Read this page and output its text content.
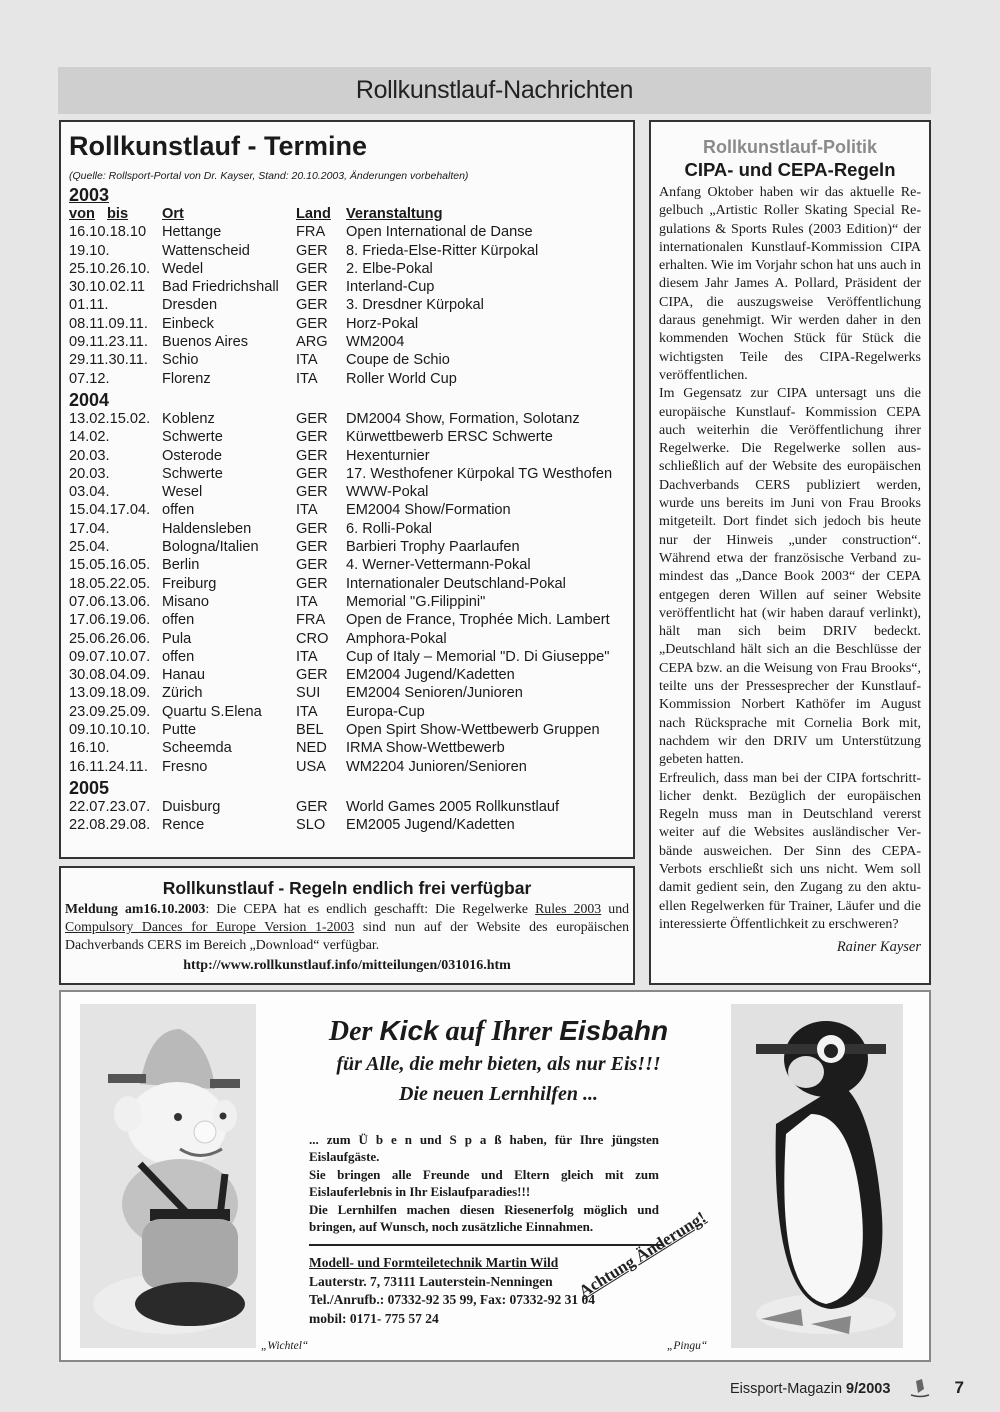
Rollkunstlauf-Nachrichten
Rollkunstlauf - Termine
(Quelle: Rollsport-Portal von Dr. Kayser, Stand: 20.10.2003, Änderungen vorbehalten)
2003
von bis	Ort	Land	Veranstaltung
16.10.18.10	Hettange	FRA	Open International de Danse
19.10.	Wattenscheid	GER	8. Frieda-Else-Ritter Kürpokal
25.10.26.10. Wedel	GER	2. Elbe-Pokal
30.10.02.11	Bad Friedrichshall	GER	Interland-Cup
01.11.	Dresden	GER	3. Dresdner Kürpokal
08.11.09.11. Einbeck	GER	Horz-Pokal
09.11.23.11. Buenos Aires	ARG	WM2004
29.11.30.11. Schio	ITA	Coupe de Schio
07.12.	Florenz	ITA	Roller World Cup
2004
13.02.15.02. Koblenz	GER	DM2004 Show, Formation, Solotanz
14.02.	Schwerte	GER	Kürwettbewerb ERSC Schwerte
20.03.	Osterode	GER	Hexenturnier
20.03.	Schwerte	GER	17. Westhofener Kürpokal TG Westhofen
03.04.	Wesel	GER	WWW-Pokal
15.04.17.04. offen	ITA	EM2004 Show/Formation
17.04.	Haldensleben	GER	6. Rolli-Pokal
25.04.	Bologna/Italien	GER	Barbieri Trophy Paarlaufen
15.05.16.05. Berlin	GER	4. Werner-Vettermann-Pokal
18.05.22.05. Freiburg	GER	Internationaler Deutschland-Pokal
07.06.13.06. Misano	ITA	Memorial "G.Filippini"
17.06.19.06. offen	FRA	Open de France, Trophée Mich. Lambert
25.06.26.06. Pula	CRO	Amphora-Pokal
09.07.10.07. offen	ITA	Cup of Italy – Memorial "D. Di Giuseppe"
30.08.04.09. Hanau	GER	EM2004 Jugend/Kadetten
13.09.18.09. Zürich	SUI	EM2004 Senioren/Junioren
23.09.25.09. Quartu S.Elena	ITA	Europa-Cup
09.10.10.10. Putte	BEL	Open Spirt Show-Wettbewerb Gruppen
16.10.	Scheemda	NED	IRMA Show-Wettbewerb
16.11.24.11. Fresno	USA	WM2204 Junioren/Senioren
2005
22.07.23.07. Duisburg	GER	World Games 2005 Rollkunstlauf
22.08.29.08. Rence	SLO	EM2005 Jugend/Kadetten
Rollkunstlauf - Regeln endlich frei verfügbar

Meldung am16.10.2003: Die CEPA hat es endlich geschafft: Die Regelwerke Rules 2003 und Compulsory Dances for Europe Version 1-2003 sind nun auf der Website des europäischen Dachverbands CERS im Bereich „Download“ verfügbar.

http://www.rollkunstlauf.info/mitteilungen/031016.htm
Rollkunstlauf-Politik
CIPA- und CEPA-Regeln

Anfang Oktober haben wir das aktuelle Regelbuch „Artistic Roller Skating Special Regulations & Sports Rules (2003 Edition)“ der internationalen Kunstlauf-Kommission CIPA erhalten. Wie im Vorjahr schon hat uns auch in diesem Jahr James A. Pollard, Präsident der CIPA, die auszugsweise Veröffentlichung daraus genehmigt. Wir werden daher in den kommenden Wochen Stück für Stück die wichtigsten Teile des CIPA-Regelwerks veröffentlichen.

Im Gegensatz zur CIPA untersagt uns die europäische Kunstlauf- Kommission CEPA auch weiterhin die Veröffentlichung ihrer Regelwerke. Die Regelwerke sollen ausschließlich auf der Website des europäischen Dachverbands CERS publiziert werden, wurde uns bereits im Juni von Frau Brooks mitgeteilt. Dort findet sich jedoch bis heute nur der Hinweis „under construction“. Während etwa der französische Verband zumindest das „Dance Book 2003“ der CEPA entgegen deren Willen auf seiner Website veröffentlicht hat (wir haben darauf verlinkt), hält man sich beim DRIV bedeckt. „Deutschland hält sich an die Beschlüsse der CEPA bzw. an die Weisung von Frau Brooks“, teilte uns der Pressesprecher der Kunstlauf-Kommission Norbert Kathöfer im August nach Rücksprache mit Cornelia Bork mit, nachdem wir den DRIV um Unterstützung gebeten hatten.

Erfreulich, dass man bei der CIPA fortschrittlicher denkt. Bezüglich der europäischen Regeln muss man in Deutschland vererst weiter auf die Websites ausländischer Verbände ausweichen. Der Sinn des CEPA-Verbots erschließt sich uns nicht. Wem soll damit gedient sein, den Zugang zu den aktuellen Regelwerken für Trainer, Läufer und die interessierte Öffentlichkeit zu erschweren?

Rainer Kayser
Der Kick auf Ihrer Eisbahn
für Alle, die mehr bieten, als nur Eis!!!
Die neuen Lernhilfen ...

... zum Ü b e n und S p a ß haben, für Ihre jüngsten Eislaufgäste.

Sie bringen alle Freunde und Eltern gleich mit zum Eislauferlebnis in Ihr Eislaufparadies!!!

Die Lernhilfen machen diesen Riesenerfolg möglich und bringen, auf Wunsch, noch zusätzliche Einnahmen.

Modell- und Formteiletechnik Martin Wild
Lauterstr. 7, 73111 Lauterstein-Nenningen
Tel./Anrufb.: 07332-92 35 99, Fax: 07332-92 31 04
mobil: 0171- 775 57 24
Achtung Änderung!
„Wichtel“	„Pingu“
Eissport-Magazin 9/2003	7
